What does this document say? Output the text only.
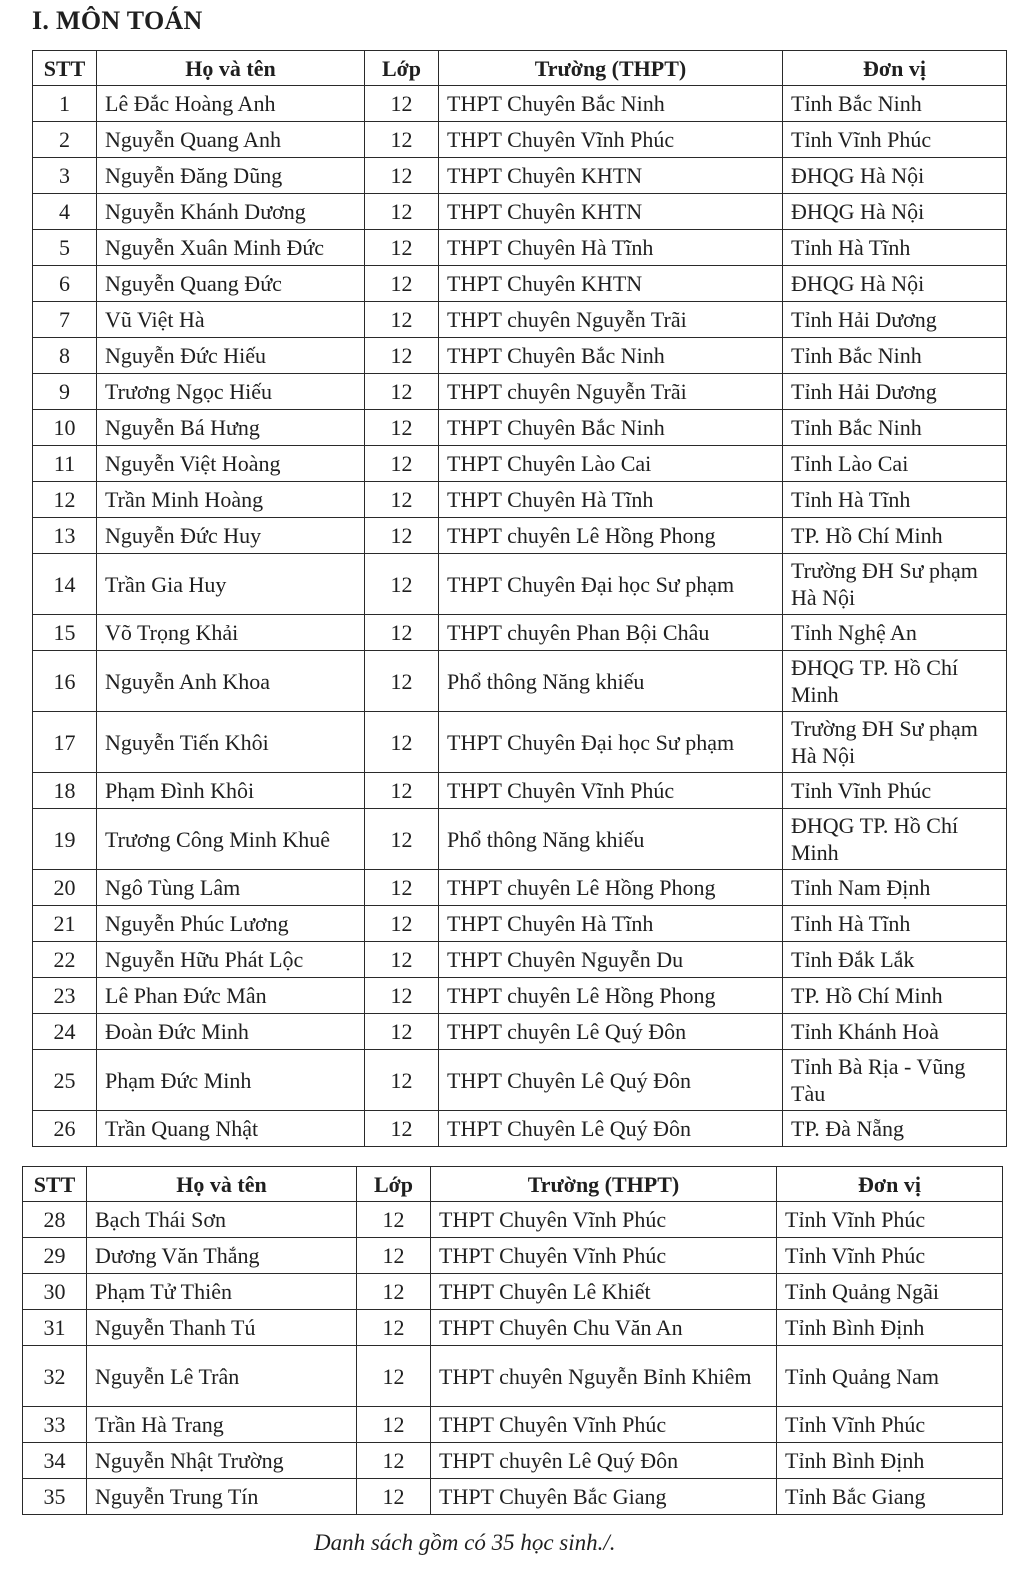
I. MÔN TOÁN
STT	Họ và tên	Lớp	Trường (THPT)	Đơn vị
1	Lê Đắc Hoàng Anh	12	THPT Chuyên Bắc Ninh	Tỉnh Bắc Ninh
2	Nguyễn Quang Anh	12	THPT Chuyên Vĩnh Phúc	Tỉnh Vĩnh Phúc
3	Nguyễn Đăng Dũng	12	THPT Chuyên KHTN	ĐHQG Hà Nội
4	Nguyễn Khánh Dương	12	THPT Chuyên KHTN	ĐHQG Hà Nội
5	Nguyễn Xuân Minh Đức	12	THPT Chuyên Hà Tĩnh	Tỉnh Hà Tĩnh
6	Nguyễn Quang Đức	12	THPT Chuyên KHTN	ĐHQG Hà Nội
7	Vũ Việt Hà	12	THPT chuyên Nguyễn Trãi	Tỉnh Hải Dương
8	Nguyễn Đức Hiếu	12	THPT Chuyên Bắc Ninh	Tỉnh Bắc Ninh
9	Trương Ngọc Hiếu	12	THPT chuyên Nguyễn Trãi	Tỉnh Hải Dương
10	Nguyễn Bá Hưng	12	THPT Chuyên Bắc Ninh	Tỉnh Bắc Ninh
11	Nguyễn Việt Hoàng	12	THPT Chuyên Lào Cai	Tỉnh Lào Cai
12	Trần Minh Hoàng	12	THPT Chuyên Hà Tĩnh	Tỉnh Hà Tĩnh
13	Nguyễn Đức Huy	12	THPT chuyên Lê Hồng Phong	TP. Hồ Chí Minh
14	Trần Gia Huy	12	THPT Chuyên Đại học Sư phạm	Trường ĐH Sư phạm Hà Nội
15	Võ Trọng Khải	12	THPT chuyên Phan Bội Châu	Tỉnh Nghệ An
16	Nguyễn Anh Khoa	12	Phổ thông Năng khiếu	ĐHQG TP. Hồ Chí Minh
17	Nguyễn Tiến Khôi	12	THPT Chuyên Đại học Sư phạm	Trường ĐH Sư phạm Hà Nội
18	Phạm Đình Khôi	12	THPT Chuyên Vĩnh Phúc	Tỉnh Vĩnh Phúc
19	Trương Công Minh Khuê	12	Phổ thông Năng khiếu	ĐHQG TP. Hồ Chí Minh
20	Ngô Tùng Lâm	12	THPT chuyên Lê Hồng Phong	Tỉnh Nam Định
21	Nguyễn Phúc Lương	12	THPT Chuyên Hà Tĩnh	Tỉnh Hà Tĩnh
22	Nguyễn Hữu Phát Lộc	12	THPT Chuyên Nguyễn Du	Tỉnh Đắk Lắk
23	Lê Phan Đức Mân	12	THPT chuyên Lê Hồng Phong	TP. Hồ Chí Minh
24	Đoàn Đức Minh	12	THPT chuyên Lê Quý Đôn	Tỉnh Khánh Hoà
25	Phạm Đức Minh	12	THPT Chuyên Lê Quý Đôn	Tỉnh Bà Rịa - Vũng Tàu
26	Trần Quang Nhật	12	THPT Chuyên Lê Quý Đôn	TP. Đà Nẵng
STT	Họ và tên	Lớp	Trường (THPT)	Đơn vị
28	Bạch Thái Sơn	12	THPT Chuyên Vĩnh Phúc	Tỉnh Vĩnh Phúc
29	Dương Văn Thắng	12	THPT Chuyên Vĩnh Phúc	Tỉnh Vĩnh Phúc
30	Phạm Tử Thiên	12	THPT Chuyên Lê Khiết	Tỉnh Quảng Ngãi
31	Nguyễn Thanh Tú	12	THPT Chuyên Chu Văn An	Tỉnh Bình Định
32	Nguyễn Lê Trân	12	THPT chuyên Nguyễn Bỉnh Khiêm	Tỉnh Quảng Nam
33	Trần Hà Trang	12	THPT Chuyên Vĩnh Phúc	Tỉnh Vĩnh Phúc
34	Nguyễn Nhật Trường	12	THPT chuyên Lê Quý Đôn	Tỉnh Bình Định
35	Nguyễn Trung Tín	12	THPT Chuyên Bắc Giang	Tỉnh Bắc Giang
Danh sách gồm có 35 học sinh./.
